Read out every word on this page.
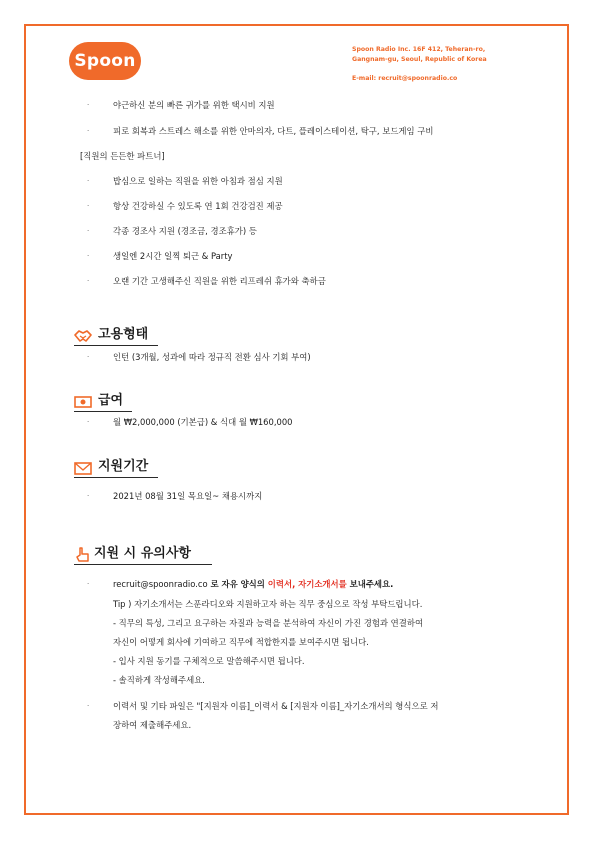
Spoon
Spoon Radio Inc. 16F 412, Teheran-ro,
Gangnam-gu, Seoul, Republic of Korea
E-mail: recruit@spoonradio.co
·	야근하신 분의 빠른 귀가를 위한 택시비 지원
·	피로 회복과 스트레스 해소를 위한 안마의자, 다트, 플레이스테이션, 탁구, 보드게임 구비
[직원의 든든한 파트너]
·	밥심으로 일하는 직원을 위한 아침과 점심 지원
·	항상 건강하실 수 있도록 연 1회 건강검진 제공
·	각종 경조사 지원 (경조금, 경조휴가) 등
·	생일엔 2시간 일찍 퇴근 & Party
·	오랜 기간 고생해주신 직원을 위한 리프레쉬 휴가와 축하금
고용형태
·	인턴 (3개월, 성과에 따라 정규직 전환 심사 기회 부여)
급여
·	월 ₩2,000,000 (기본급) & 식대 월 ₩160,000
지원기간
·	2021년 08월 31일 목요일~ 채용시까지
지원 시 유의사항
·	recruit@spoonradio.co 로 자유 양식의 이력서, 자기소개서를 보내주세요.
Tip ) 자기소개서는 스푼라디오와 지원하고자 하는 직무 중심으로 작성 부탁드립니다.
- 직무의 특성, 그리고 요구하는 자질과 능력을 분석하여 자신이 가진 경험과 연결하여
자신이 어떻게 회사에 기여하고 직무에 적합한지를 보여주시면 됩니다.
- 입사 지원 동기를 구체적으로 말씀해주시면 됩니다.
- 솔직하게 작성해주세요.
·	이력서 및 기타 파일은 "[지원자 이름]_이력서 & [지원자 이름]_자기소개서의 형식으로 저
장하여 제출해주세요.
